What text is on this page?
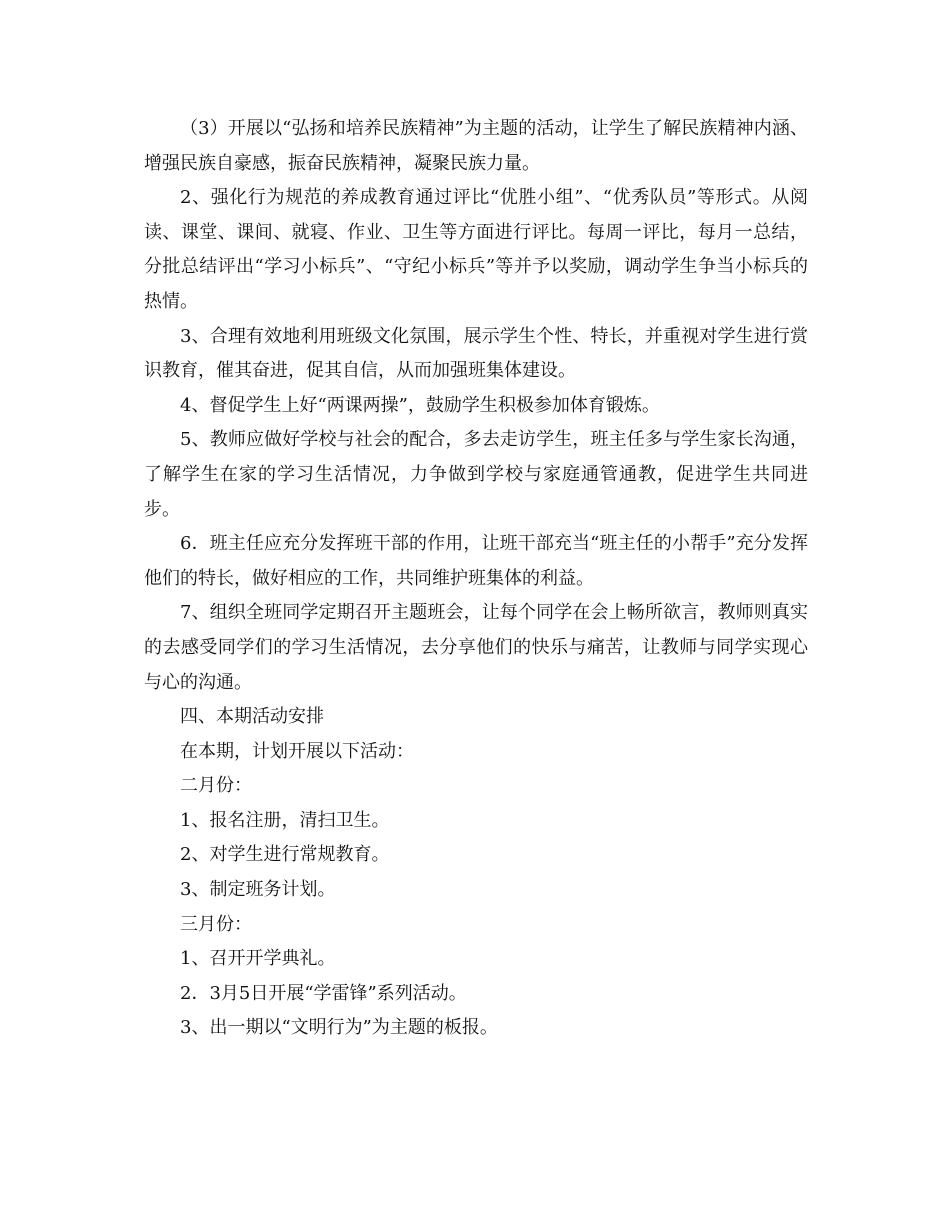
（3）开展以“弘扬和培养民族精神”为主题的活动，让学生了解民族精神内涵、增强民族自豪感，振奋民族精神，凝聚民族力量。

2、强化行为规范的养成教育通过评比“优胜小组”、“优秀队员”等形式。从阅读、课堂、课间、就寝、作业、卫生等方面进行评比。每周一评比，每月一总结，分批总结评出“学习小标兵”、“守纪小标兵”等并予以奖励，调动学生争当小标兵的热情。

3、合理有效地利用班级文化氛围，展示学生个性、特长，并重视对学生进行赏识教育，催其奋进，促其自信，从而加强班集体建设。

4、督促学生上好“两课两操”，鼓励学生积极参加体育锻炼。

5、教师应做好学校与社会的配合，多去走访学生，班主任多与学生家长沟通，了解学生在家的学习生活情况，力争做到学校与家庭通管通教，促进学生共同进步。

6．班主任应充分发挥班干部的作用，让班干部充当“班主任的小帮手”充分发挥他们的特长，做好相应的工作，共同维护班集体的利益。

7、组织全班同学定期召开主题班会，让每个同学在会上畅所欲言，教师则真实的去感受同学们的学习生活情况，去分享他们的快乐与痛苦，让教师与同学实现心与心的沟通。

四、本期活动安排

在本期，计划开展以下活动：

二月份：

1、报名注册，清扫卫生。

2、对学生进行常规教育。

3、制定班务计划。

三月份：

1、召开开学典礼。

2．3月5日开展“学雷锋”系列活动。

3、出一期以“文明行为”为主题的板报。
